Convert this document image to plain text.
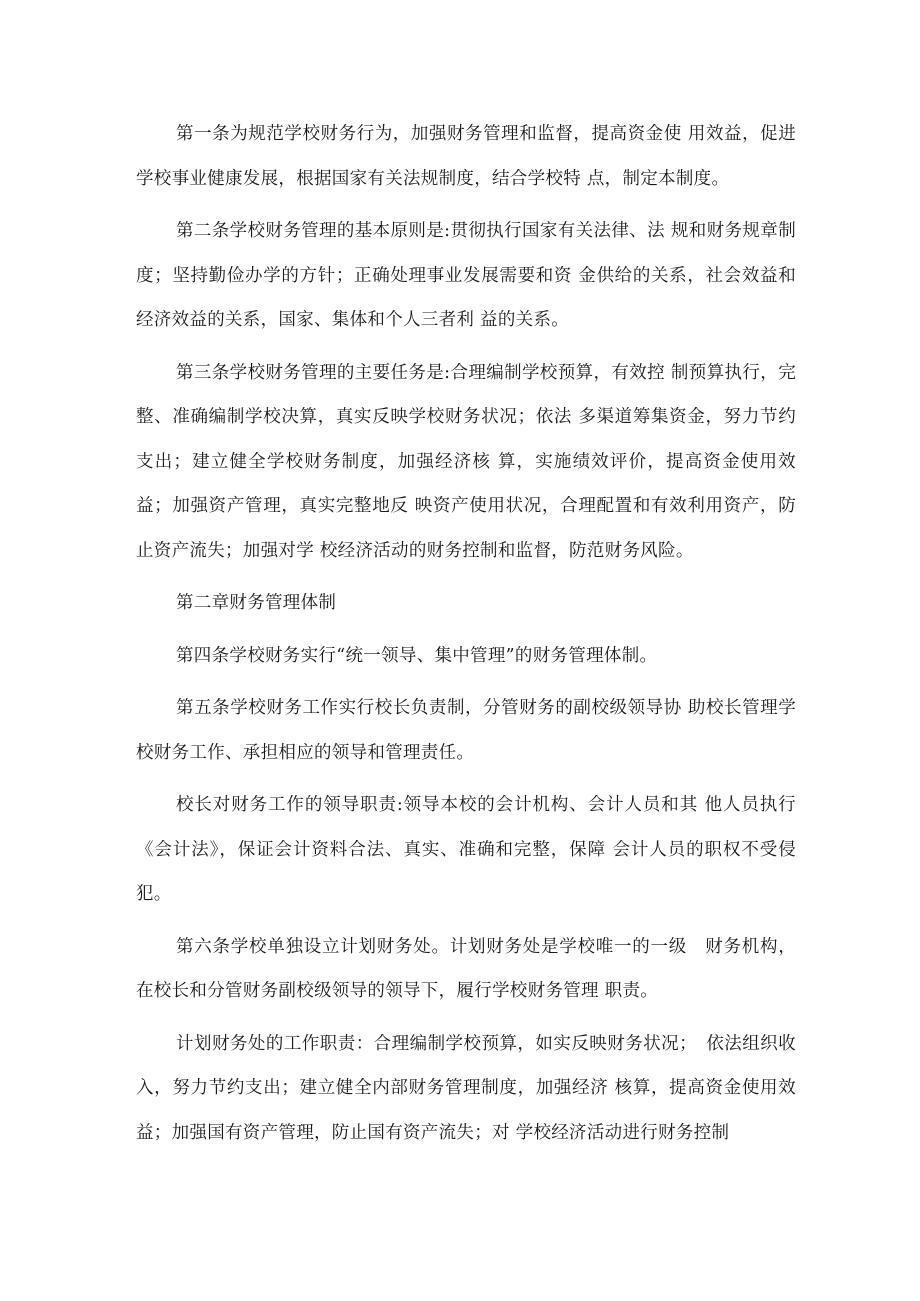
第一条为规范学校财务行为，加强财务管理和监督，提高资金使 用效益，促进学校事业健康发展，根据国家有关法规制度，结合学校特 点，制定本制度。

第二条学校财务管理的基本原则是:贯彻执行国家有关法律、法 规和财务规章制度；坚持勤俭办学的方针；正确处理事业发展需要和资 金供给的关系，社会效益和经济效益的关系，国家、集体和个人三者利 益的关系。

第三条学校财务管理的主要任务是:合理编制学校预算，有效控 制预算执行，完整、准确编制学校决算，真实反映学校财务状况；依法 多渠道筹集资金，努力节约支出；建立健全学校财务制度，加强经济核 算，实施绩效评价，提高资金使用效益；加强资产管理，真实完整地反 映资产使用状况，合理配置和有效利用资产，防止资产流失；加强对学 校经济活动的财务控制和监督，防范财务风险。

第二章财务管理体制

第四条学校财务实行“统一领导、集中管理”的财务管理体制。

第五条学校财务工作实行校长负责制，分管财务的副校级领导协 助校长管理学校财务工作、承担相应的领导和管理责任。

校长对财务工作的领导职责:领导本校的会计机构、会计人员和其 他人员执行《会计法》，保证会计资料合法、真实、准确和完整，保障 会计人员的职权不受侵犯。

第六条学校单独设立计划财务处。计划财务处是学校唯一的一级　财务机构，在校长和分管财务副校级领导的领导下，履行学校财务管理 职责。

计划财务处的工作职责：合理编制学校预算，如实反映财务状况；　依法组织收入，努力节约支出；建立健全内部财务管理制度，加强经济 核算，提高资金使用效益；加强国有资产管理，防止国有资产流失；对 学校经济活动进行财务控制
